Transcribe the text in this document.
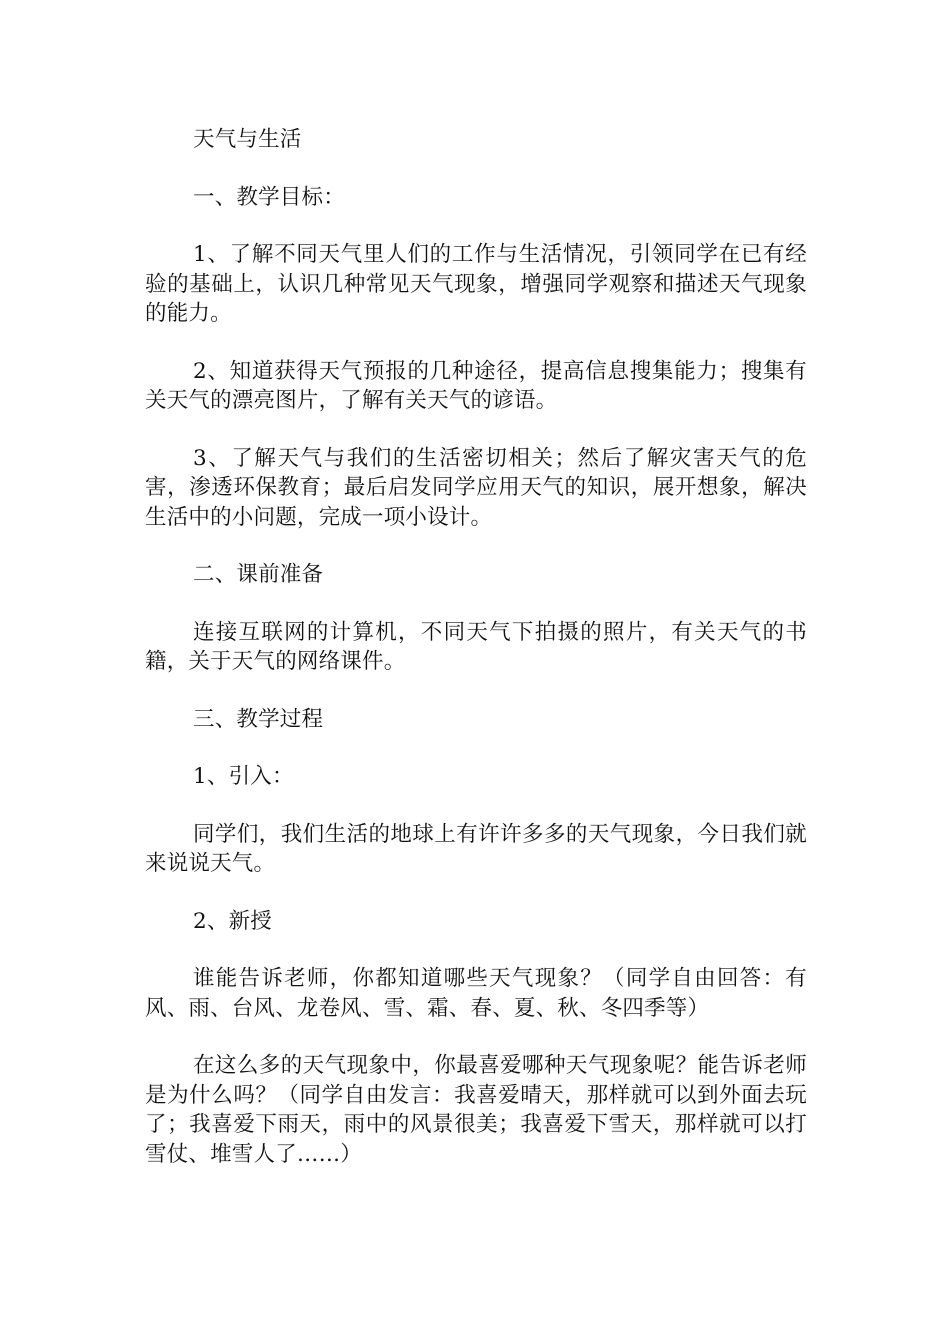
天气与生活

一、教学目标：

1、了解不同天气里人们的工作与生活情况，引领同学在已有经验的基础上，认识几种常见天气现象，增强同学观察和描述天气现象的能力。

2、知道获得天气预报的几种途径，提高信息搜集能力；搜集有关天气的漂亮图片，了解有关天气的谚语。

3、了解天气与我们的生活密切相关；然后了解灾害天气的危害，渗透环保教育；最后启发同学应用天气的知识，展开想象，解决生活中的小问题，完成一项小设计。

二、课前准备

连接互联网的计算机，不同天气下拍摄的照片，有关天气的书籍，关于天气的网络课件。

三、教学过程

1、引入：

同学们，我们生活的地球上有许许多多的天气现象，今日我们就来说说天气。

2、新授

谁能告诉老师，你都知道哪些天气现象？（同学自由回答：有风、雨、台风、龙卷风、雪、霜、春、夏、秋、冬四季等）

在这么多的天气现象中，你最喜爱哪种天气现象呢？能告诉老师是为什么吗？（同学自由发言：我喜爱晴天，那样就可以到外面去玩了；我喜爱下雨天，雨中的风景很美；我喜爱下雪天，那样就可以打雪仗、堆雪人了……）
